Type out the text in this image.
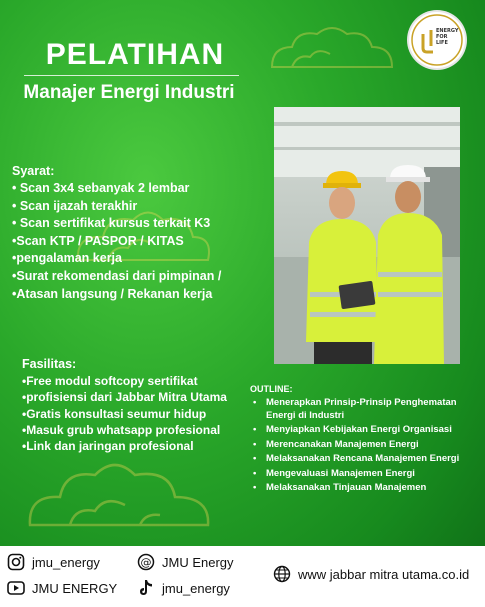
ENERGY
FOR
LIFE
PELATIHAN
Manajer Energi Industri
Syarat:
• Scan 3x4 sebanyak 2 lembar
• Scan ijazah terakhir
• Scan sertifikat kursus terkait K3
•Scan KTP / PASPOR / KITAS
•pengalaman kerja
•Surat rekomendasi dari pimpinan /
•Atasan langsung / Rekanan kerja
Fasilitas:
•Free modul softcopy sertifikat
•profisiensi dari Jabbar Mitra Utama
•Gratis konsultasi seumur hidup
•Masuk grub whatsapp profesional
•Link dan jaringan profesional
OUTLINE:
• Menerapkan Prinsip-Prinsip Penghematan Energi di Industri
• Menyiapkan Kebijakan Energi Organisasi
• Merencanakan Manajemen Energi
• Melaksanakan Rencana Manajemen Energi
• Mengevaluasi Manajemen Energi
• Melaksanakan Tinjauan Manajemen
jmu_energy
JMU ENERGY
@ JMU Energy
jmu_energy
www jabbar mitra utama.co.id
